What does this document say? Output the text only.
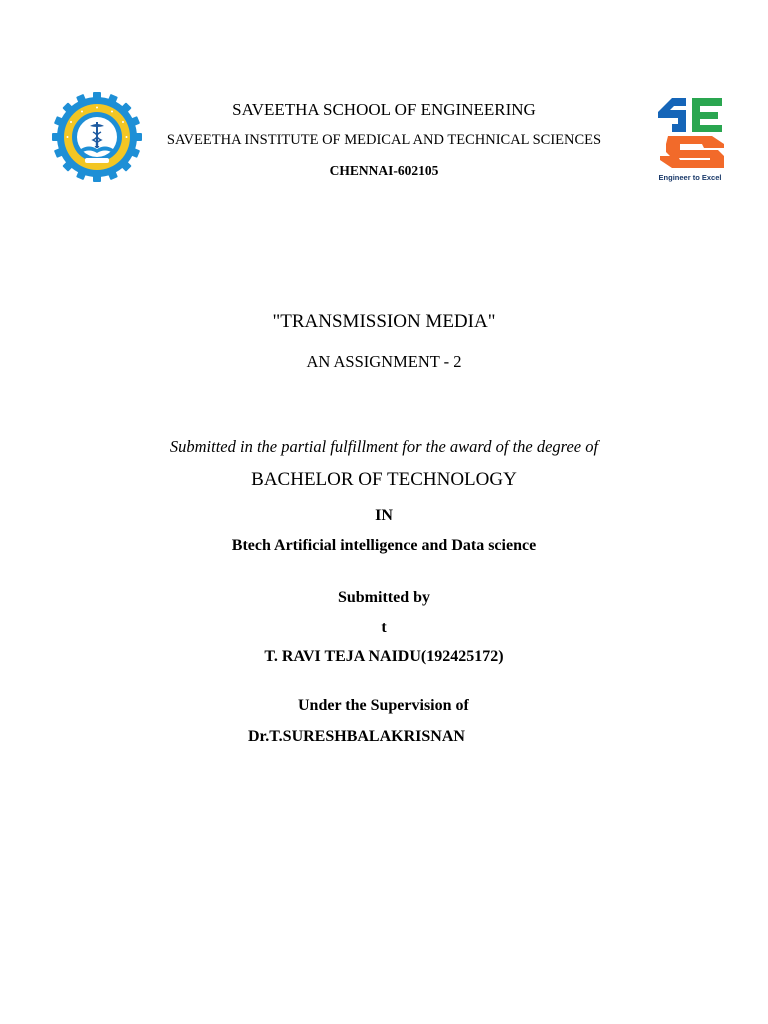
Engineer to Excel
SAVEETHA SCHOOL OF ENGINEERING
SAVEETHA INSTITUTE OF MEDICAL AND TECHNICAL SCIENCES
CHENNAI-602105
"TRANSMISSION MEDIA"
AN ASSIGNMENT - 2
Submitted in the partial fulfillment for the award of the degree of
BACHELOR OF TECHNOLOGY
IN
Btech Artificial intelligence and Data science
Submitted by
t
T. RAVI TEJA NAIDU(192425172)
Under the Supervision of
Dr.T.SURESHBALAKRISNAN
